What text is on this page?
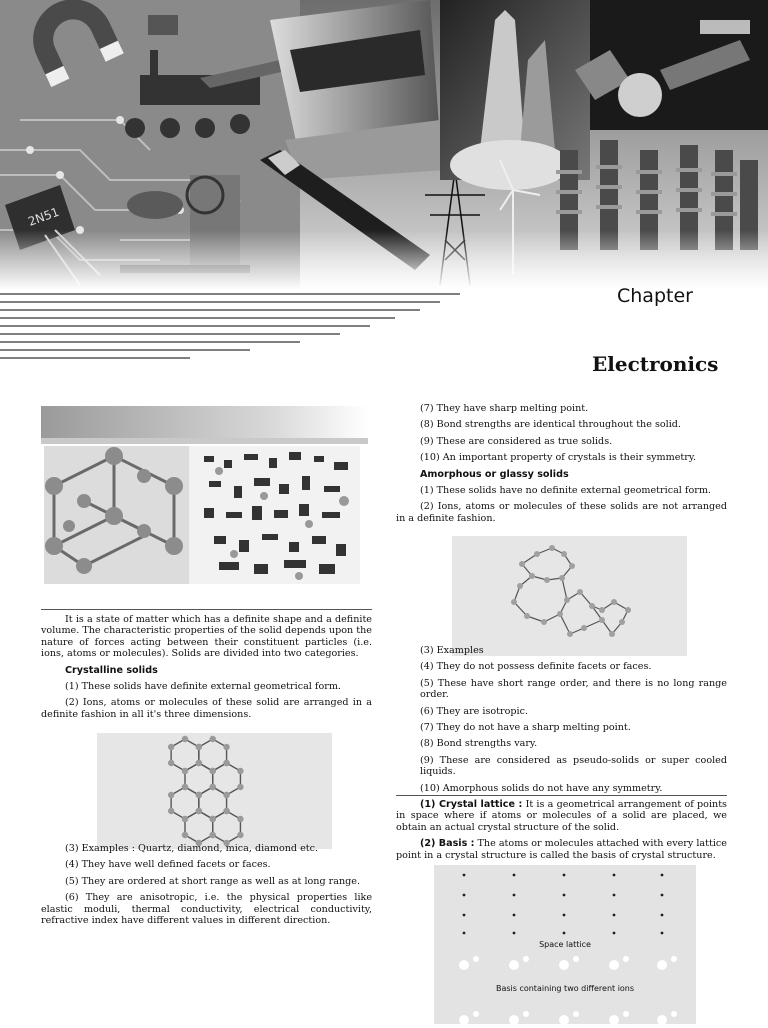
2N51
Chapter
Electronics

It is a state of matter which has a definite shape and a definite volume. The characteristic properties of the solid depends upon the nature of forces acting between their constituent particles (i.e. ions, atoms or molecules). Solids are divided into two categories.

Crystalline solids

(1) These solids have definite external geometrical form.

(2) Ions, atoms or molecules of these solid are arranged in a definite fashion in all it's three dimensions.

(3) Examples : Quartz, diamond, mica, diamond etc.

(4) They have well defined facets or faces.

(5) They are ordered at short range as well as at long range.

(6) They are anisotropic, i.e. the physical properties like elastic moduli, thermal conductivity, electrical conductivity, refractive index have different values in different direction.

(7) They have sharp melting point.

(8) Bond strengths are identical throughout the solid.

(9) These are considered as true solids.

(10) An important property of crystals is their symmetry.

Amorphous or glassy solids

(1) These solids have no definite external geometrical form.

(2) Ions, atoms or molecules of these solids are not arranged in a definite fashion.

(3) Examples

(4) They do not possess definite facets or faces.

(5) These have short range order, and there is no long range order.

(6) They are isotropic.

(7) They do not have a sharp melting point.

(8) Bond strengths vary.

(9) These are considered as pseudo-solids or super cooled liquids.

(10) Amorphous solids do not have any symmetry.

(1) Crystal lattice : It is a geometrical arrangement of points in space where if atoms or molecules of a solid are placed, we obtain an actual crystal structure of the solid.

(2) Basis : The atoms or molecules attached with every lattice point in a crystal structure is called the basis of crystal structure.

Space lattice
Basis containing two different ions
